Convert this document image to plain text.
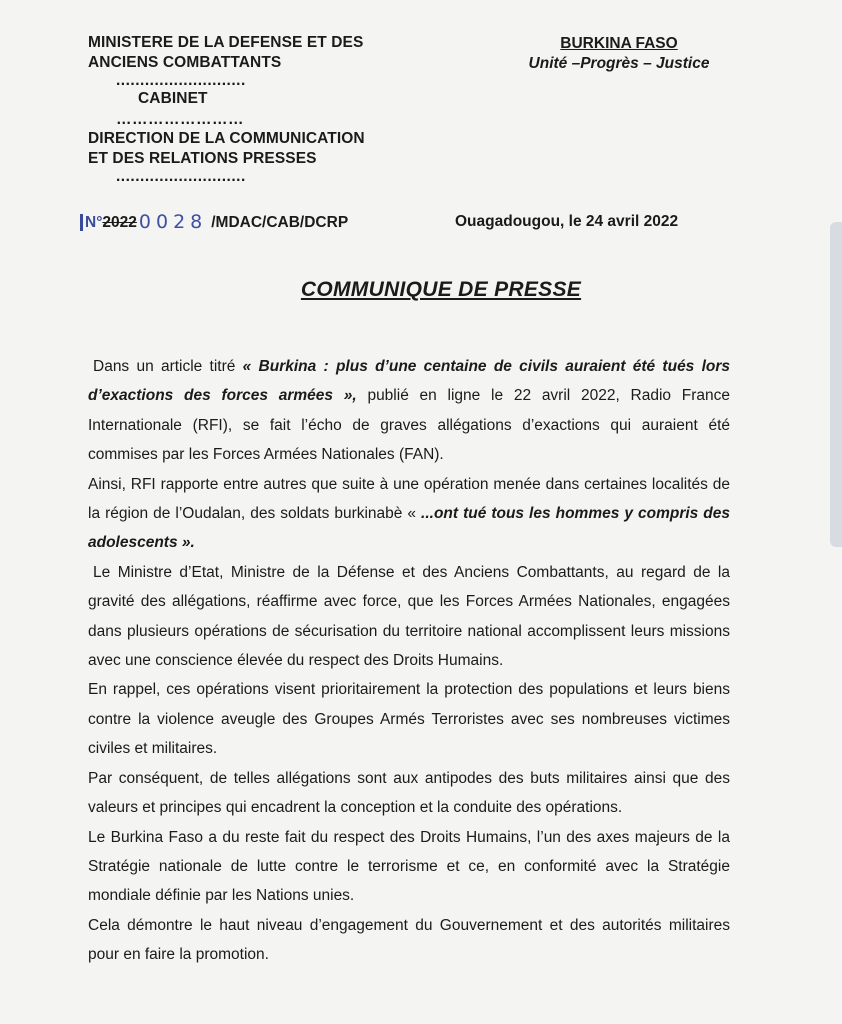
MINISTERE DE LA DEFENSE ET DES
ANCIENS COMBATTANTS
...........................
CABINET
……………………
DIRECTION DE LA COMMUNICATION
ET DES RELATIONS PRESSES
...........................
BURKINA FASO
Unité –Progrès – Justice
N°2022 0028 /MDAC/CAB/DCRP	Ouagadougou, le 24 avril 2022
COMMUNIQUE DE PRESSE

Dans un article titré « Burkina : plus d’une centaine de civils auraient été tués lors d’exactions des forces armées », publié en ligne le 22 avril 2022, Radio France Internationale (RFI), se fait l’écho de graves allégations d’exactions qui auraient été commises par les Forces Armées Nationales (FAN).

Ainsi, RFI rapporte entre autres que suite à une opération menée dans certaines localités de la région de l’Oudalan, des soldats burkinabè « ...ont tué tous les hommes y compris des adolescents ».

Le Ministre d’Etat, Ministre de la Défense et des Anciens Combattants, au regard de la gravité des allégations, réaffirme avec force, que les Forces Armées Nationales, engagées dans plusieurs opérations de sécurisation du territoire national accomplissent leurs missions avec une conscience élevée du respect des Droits Humains.

En rappel, ces opérations visent prioritairement la protection des populations et leurs biens contre la violence aveugle des Groupes Armés Terroristes avec ses nombreuses victimes civiles et militaires.

Par conséquent, de telles allégations sont aux antipodes des buts militaires ainsi que des valeurs et principes qui encadrent la conception et la conduite des opérations.

Le Burkina Faso a du reste fait du respect des Droits Humains, l’un des axes majeurs de la Stratégie nationale de lutte contre le terrorisme et ce, en conformité avec la Stratégie mondiale définie par les Nations unies.

Cela démontre le haut niveau d’engagement du Gouvernement et des autorités militaires pour en faire la promotion.
